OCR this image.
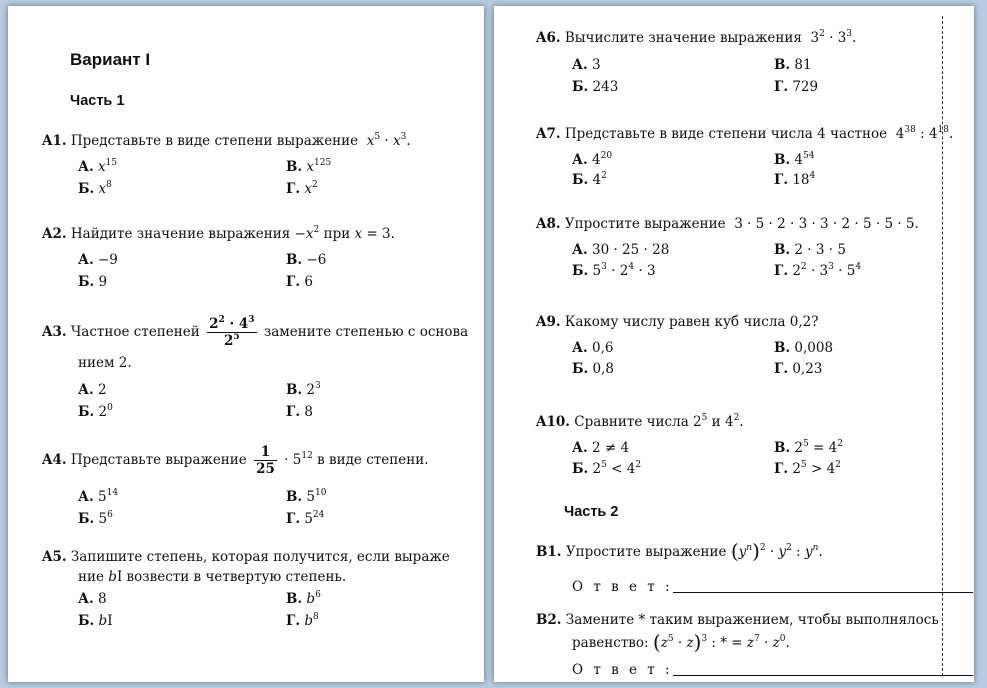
Вариант I
Часть 1
A1. Представьте в виде степени выражение $x^5 \cdot x^3$.
А. $x^{15}$	В. $x^{125}$
Б. $x^8$	Г. $x^2$
A2. Найдите значение выражения $-x^2$ при x = 3.
А. −9	В. −6
Б. 9	Г. 6
A3. Частное степеней $\frac{2^2 \cdot 4^3}{2^5}$ замените степенью с основа
нием 2.
А. 2	В. $2^3$
Б. $2^0$	Г. 8
A4. Представьте выражение $\frac{1}{25} \cdot 5^{12}$ в виде степени.
А. $5^{14}$	В. $5^{10}$
Б. $5^6$	Г. $5^{24}$
A5. Запишите степень, которая получится, если выраже
ние bI возвести в четвертую степень.
А. 8	В. $b^6$
Б. bI	Г. $b^8$
A6. Вычислите значение выражения $3^2 \cdot 3^3$.
А. 3	В. 81
Б. 243	Г. 729
A7. Представьте в виде степени числа 4 частное $4^{38}$ : $4^{18}$.
А. $4^{20}$	В. $4^{54}$
Б. $4^2$	Г. $18^4$
A8. Упростите выражение 3 · 5 · 2 · 3 · 3 · 2 · 5 · 5 · 5.
А. 30 · 25 · 28	В. 2 · 3 · 5
Б. $5^3 \cdot 2^4 \cdot 3$	Г. $2^2 \cdot 3^3 \cdot 5^4$
A9. Какому числу равен куб числа 0,2?
А. 0,6	В. 0,008
Б. 0,8	Г. 0,23
A10. Сравните числа $2^5$ и $4^2$.
А. 2 ≠ 4	В. $2^5 = 4^2$
Б. $2^5 < 4^2$	Г. $2^5 > 4^2$
Часть 2
B1. Упростите выражение $(y^n)^2 \cdot y^2$ : $y^n$.
О т в е т :
B2. Замените * таким выражением, чтобы выполнялось
равенство: $(z^5 \cdot z)^3$ : * = $z^7 \cdot z^0$.
О т в е т :
